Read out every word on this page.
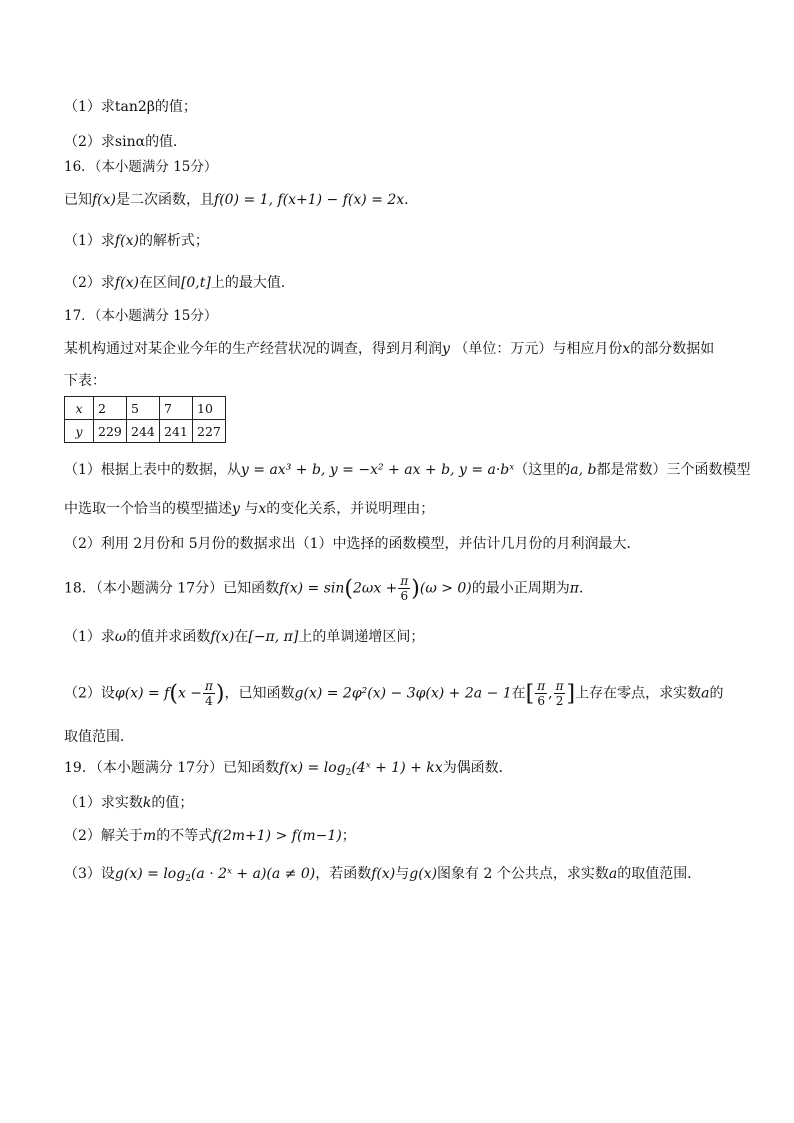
（1）求tan2β的值；
（2）求sinα的值．
16．（本小题满分 15分）
已知f(x)是二次函数，且f(0) = 1, f(x+1) − f(x) = 2x．
（1）求f(x)的解析式；
（2）求f(x)在区间[0,t]上的最大值．
17．（本小题满分 15分）
某机构通过对某企业今年的生产经营状况的调查，得到月利润y （单位：万元）与相应月份x的部分数据如
下表：
x	2	5	7	10
y	229	244	241	227
（1）根据上表中的数据，从y = ax³ + b, y = −x² + ax + b, y = a·bˣ（这里的a, b都是常数）三个函数模型
中选取一个恰当的模型描述y 与x的变化关系，并说明理由；
（2）利用 2月份和 5月份的数据求出（1）中选择的函数模型，并估计几月份的月利润最大．
18．（本小题满分 17分）已知函数$f(x) = \sin(2\omega x + \frac{\pi}{6} )(\omega > 0)$的最小正周期为π．
（1）求ω的值并求函数f(x)在[−π, π]上的单调递增区间；
（2）设$\varphi(x) = f(x - \frac{\pi}{4}$ )，已知函数g(x) = 2φ²(x) − 3φ(x) + 2a − 1在[ $\frac{\pi}{6}$ , $\frac{\pi}{2}$ ]上存在零点，求实数a的
取值范围．
19．（本小题满分 17分）已知函数$f(x) = \log_2(4ˣ + 1)$ + kx为偶函数．
（1）求实数k的值；
（2）解关于m的不等式f(2m+1) > f(m−1)；
（3）设$g(x) = \log_2(a$ · 2ˣ + a)(a ≠ 0)，若函数f(x)与g(x)图象有 2 个公共点，求实数a的取值范围．
